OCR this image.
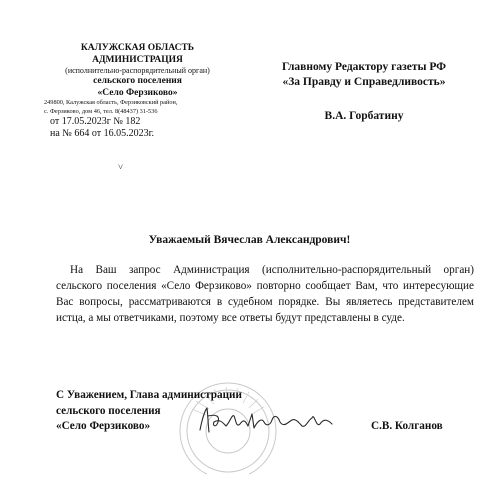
КАЛУЖСКАЯ ОБЛАСТЬ
АДМИНИСТРАЦИЯ
(исполнительно-распорядительный орган)
сельского поселения
«Село Ферзиково»
249800, Калужская область, Ферзиковский район,
с. Ферзиково, дом 46, тел. 8(48437) 31-536
от 17.05.2023г № 182
на № 664 от 16.05.2023г.
Главному Редактору газеты РФ
«За Правду и Справедливость»
В.А. Горбатину
˅
Уважаемый Вячеслав Александрович!

На Ваш запрос Администрация (исполнительно-распорядительный орган) сельского поселения «Село Ферзиково» повторно сообщает Вам, что интересующие Вас вопросы, рассматриваются в судебном порядке. Вы являетесь представителем истца, а мы ответчиками, поэтому все ответы будут представлены в суде.

С Уважением, Глава администрации
сельского поселения
«Село Ферзиково»	С.В. Колганов
